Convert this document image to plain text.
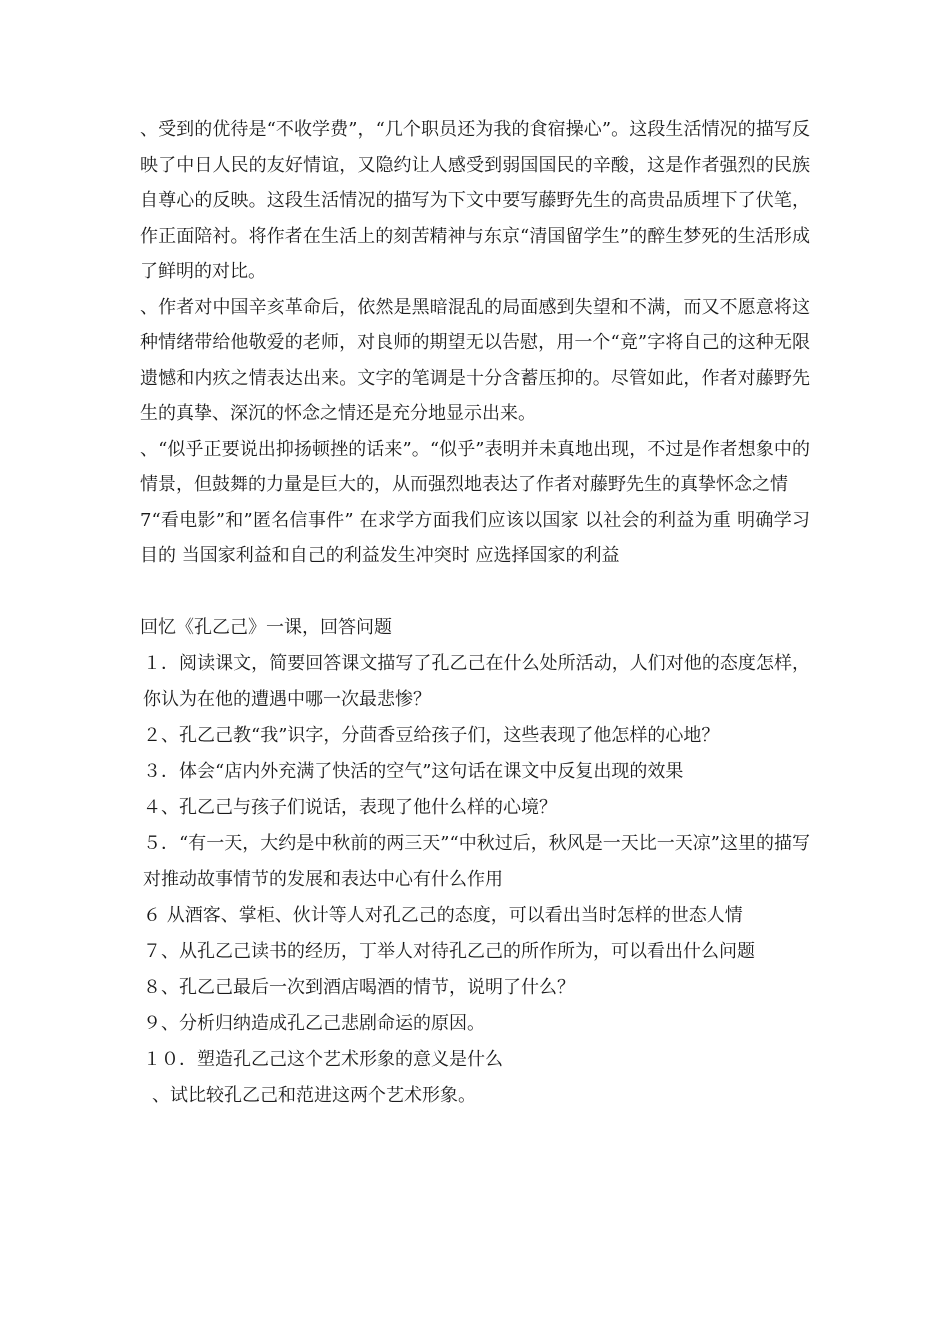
、受到的优待是“不收学费”，“几个职员还为我的食宿操心”。这段生活情况的描写反映了中日人民的友好情谊，又隐约让人感受到弱国国民的辛酸，这是作者强烈的民族自尊心的反映。这段生活情况的描写为下文中要写藤野先生的高贵品质埋下了伏笔，作正面陪衬。将作者在生活上的刻苦精神与东京“清国留学生”的醉生梦死的生活形成了鲜明的对比。

、作者对中国辛亥革命后，依然是黑暗混乱的局面感到失望和不满，而又不愿意将这种情绪带给他敬爱的老师，对良师的期望无以告慰，用一个“竟”字将自己的这种无限遗憾和内疚之情表达出来。文字的笔调是十分含蓄压抑的。尽管如此，作者对藤野先生的真挚、深沉的怀念之情还是充分地显示出来。

、“似乎正要说出抑扬顿挫的话来”。“似乎”表明并未真地出现，不过是作者想象中的情景，但鼓舞的力量是巨大的，从而强烈地表达了作者对藤野先生的真挚怀念之情

7“看电影”和”匿名信事件” 在求学方面我们应该以国家 以社会的利益为重 明确学习目的 当国家利益和自己的利益发生冲突时 应选择国家的利益

回忆《孔乙己》一课，回答问题

１．阅读课文，简要回答课文描写了孔乙己在什么处所活动，人们对他的态度怎样，你认为在他的遭遇中哪一次最悲惨？

２、孔乙己教“我”识字，分茴香豆给孩子们，这些表现了他怎样的心地？

３．体会“店内外充满了快活的空气”这句话在课文中反复出现的效果

４、孔乙己与孩子们说话，表现了他什么样的心境？

５．“有一天，大约是中秋前的两三天”“中秋过后，秋风是一天比一天凉”这里的描写对推动故事情节的发展和表达中心有什么作用

６ 从酒客、掌柜、伙计等人对孔乙己的态度，可以看出当时怎样的世态人情

７、从孔乙己读书的经历，丁举人对待孔乙己的所作所为，可以看出什么问题

８、孔乙己最后一次到酒店喝酒的情节，说明了什么？

９、分析归纳造成孔乙己悲剧命运的原因。

１０．塑造孔乙己这个艺术形象的意义是什么

、试比较孔乙己和范进这两个艺术形象。
